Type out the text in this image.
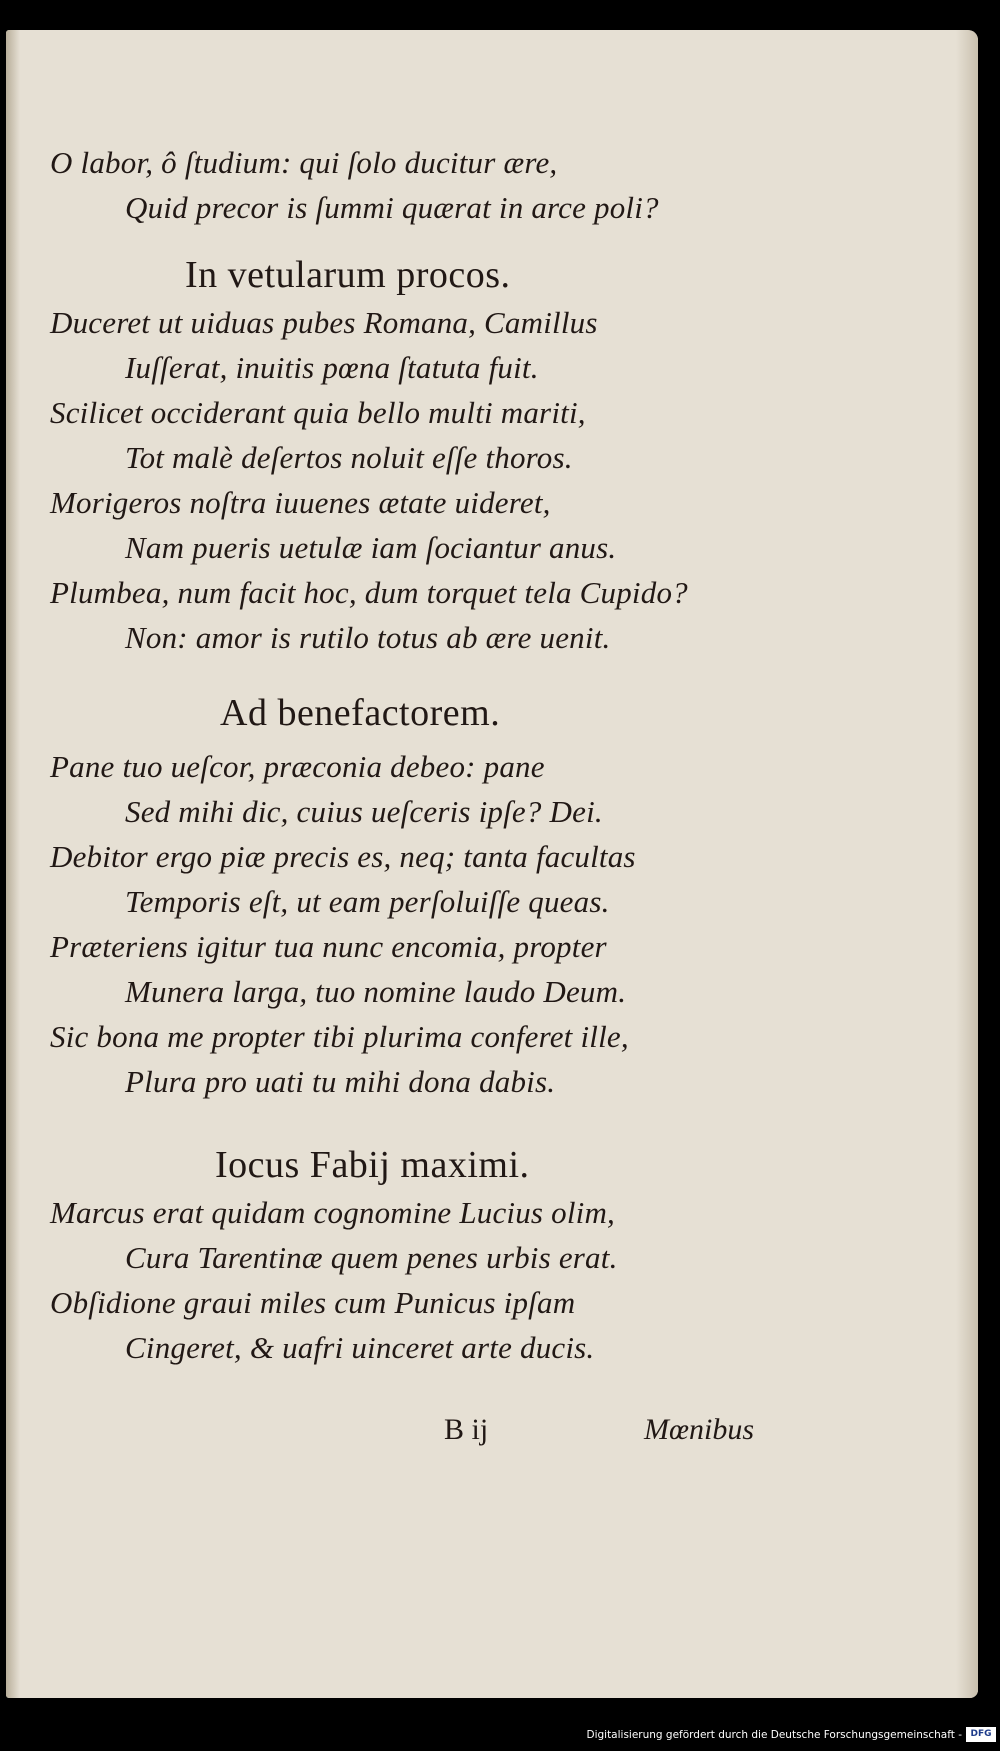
O labor, ô ſtudium: qui ſolo ducitur ære,
Quid precor is ſummi quærat in arce poli?
In vetularum procos.
Duceret ut uiduas pubes Romana, Camillus
Iuſſerat, inuitis pœna ſtatuta fuit.
Scilicet occiderant quia bello multi mariti,
Tot malè deſertos noluit eſſe thoros.
Morigeros noſtra iuuenes ætate uideret,
Nam pueris uetulæ iam ſociantur anus.
Plumbea, num facit hoc, dum torquet tela Cupido?
Non: amor is rutilo totus ab ære uenit.
Ad benefactorem.
Pane tuo ueſcor, præconia debeo: pane
Sed mihi dic, cuius ueſceris ipſe? Dei.
Debitor ergo piæ precis es, neq; tanta facultas
Temporis eſt, ut eam perſoluiſſe queas.
Præteriens igitur tua nunc encomia, propter
Munera larga, tuo nomine laudo Deum.
Sic bona me propter tibi plurima conferet ille,
Plura pro uati tu mihi dona dabis.
Iocus Fabij maximi.
Marcus erat quidam cognomine Lucius olim,
Cura Tarentinæ quem penes urbis erat.
Obſidione graui miles cum Punicus ipſam
Cingeret, & uafri uinceret arte ducis.
B ij	Mœnibus
Digitalisierung gefördert durch die Deutsche Forschungsgemeinschaft - DFG
